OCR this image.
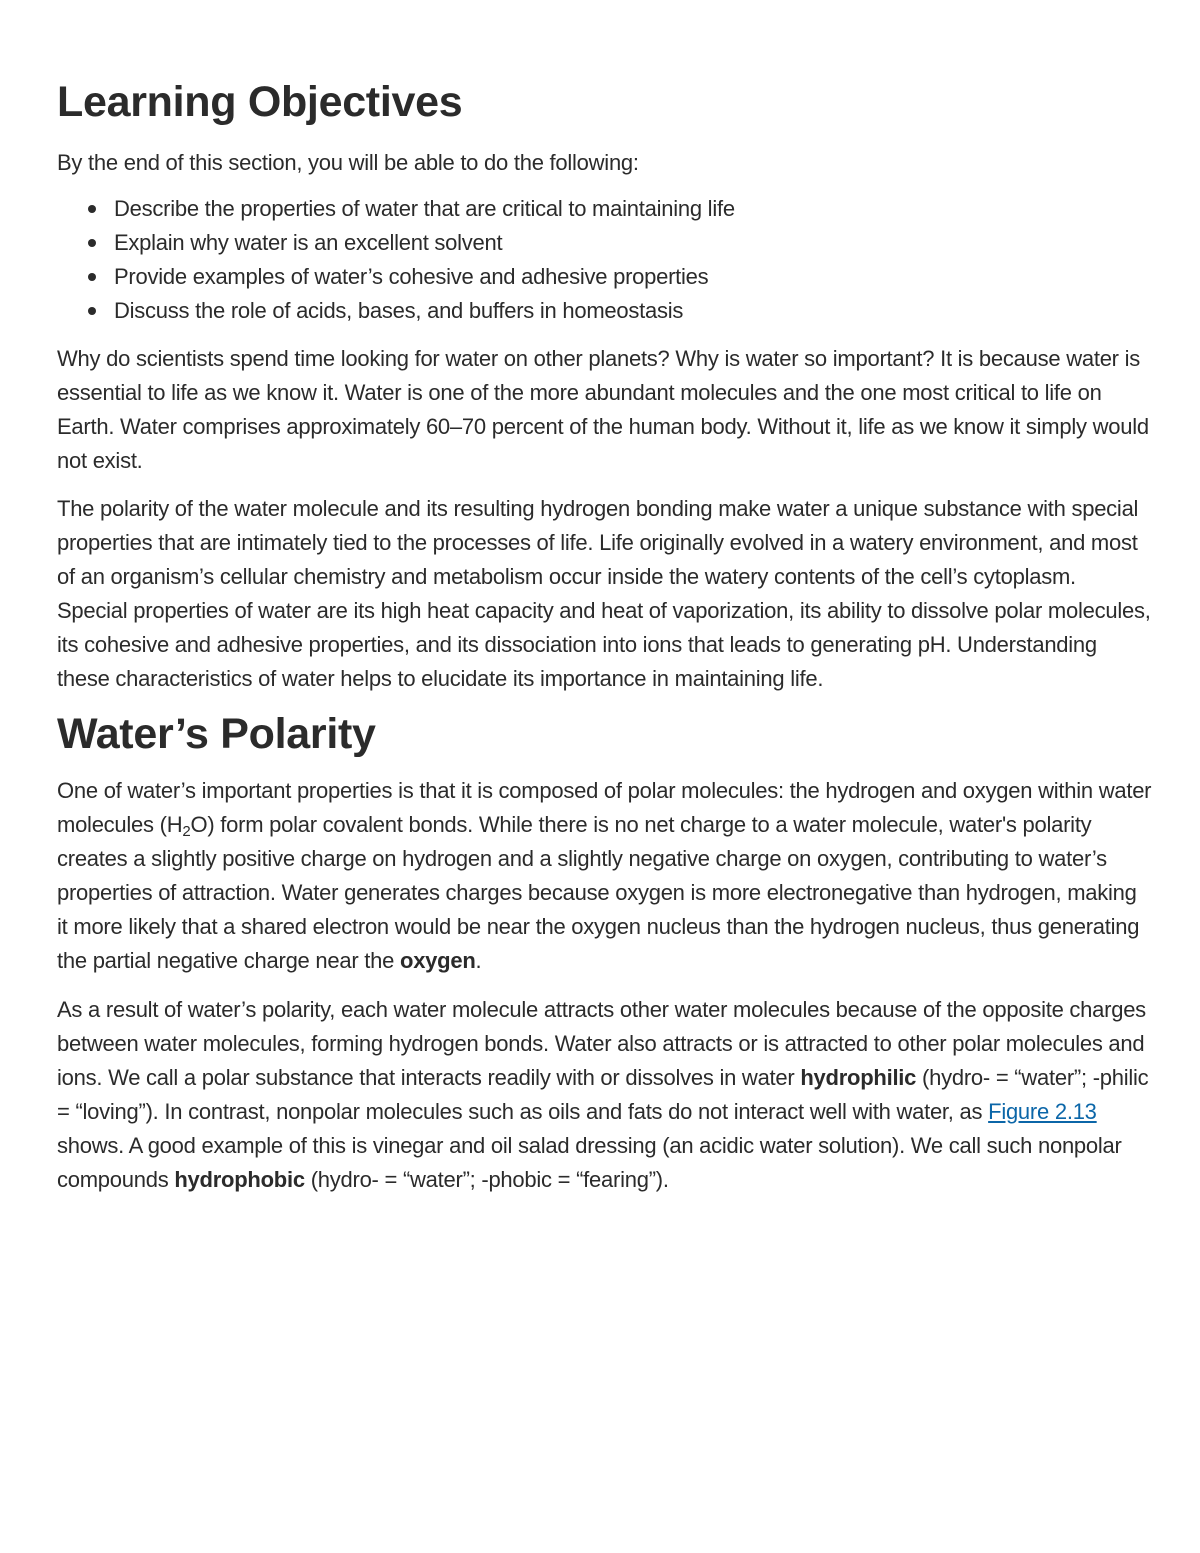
Learning Objectives

By the end of this section, you will be able to do the following:

Describe the properties of water that are critical to maintaining life
Explain why water is an excellent solvent
Provide examples of water’s cohesive and adhesive properties
Discuss the role of acids, bases, and buffers in homeostasis

Why do scientists spend time looking for water on other planets? Why is water so important? It is because water is essential to life as we know it. Water is one of the more abundant molecules and the one most critical to life on Earth. Water comprises approximately 60–70 percent of the human body. Without it, life as we know it simply would not exist.

The polarity of the water molecule and its resulting hydrogen bonding make water a unique substance with special properties that are intimately tied to the processes of life. Life originally evolved in a watery environment, and most of an organism’s cellular chemistry and metabolism occur inside the watery contents of the cell’s cytoplasm. Special properties of water are its high heat capacity and heat of vaporization, its ability to dissolve polar molecules, its cohesive and adhesive properties, and its dissociation into ions that leads to generating pH. Understanding these characteristics of water helps to elucidate its importance in maintaining life.

Water’s Polarity

One of water’s important properties is that it is composed of polar molecules: the hydrogen and oxygen within water molecules $(H_2O)$ form polar covalent bonds. While there is no net charge to a water molecule, water's polarity creates a slightly positive charge on hydrogen and a slightly negative charge on oxygen, contributing to water’s properties of attraction. Water generates charges because oxygen is more electronegative than hydrogen, making it more likely that a shared electron would be near the oxygen nucleus than the hydrogen nucleus, thus generating the partial negative charge near the oxygen.

As a result of water’s polarity, each water molecule attracts other water molecules because of the opposite charges between water molecules, forming hydrogen bonds. Water also attracts or is attracted to other polar molecules and ions. We call a polar substance that interacts readily with or dissolves in water hydrophilic (hydro- = “water”; -philic = “loving”). In contrast, nonpolar molecules such as oils and fats do not interact well with water, as Figure 2.13 shows. A good example of this is vinegar and oil salad dressing (an acidic water solution). We call such nonpolar compounds hydrophobic (hydro- = “water”; -phobic = “fearing”).
